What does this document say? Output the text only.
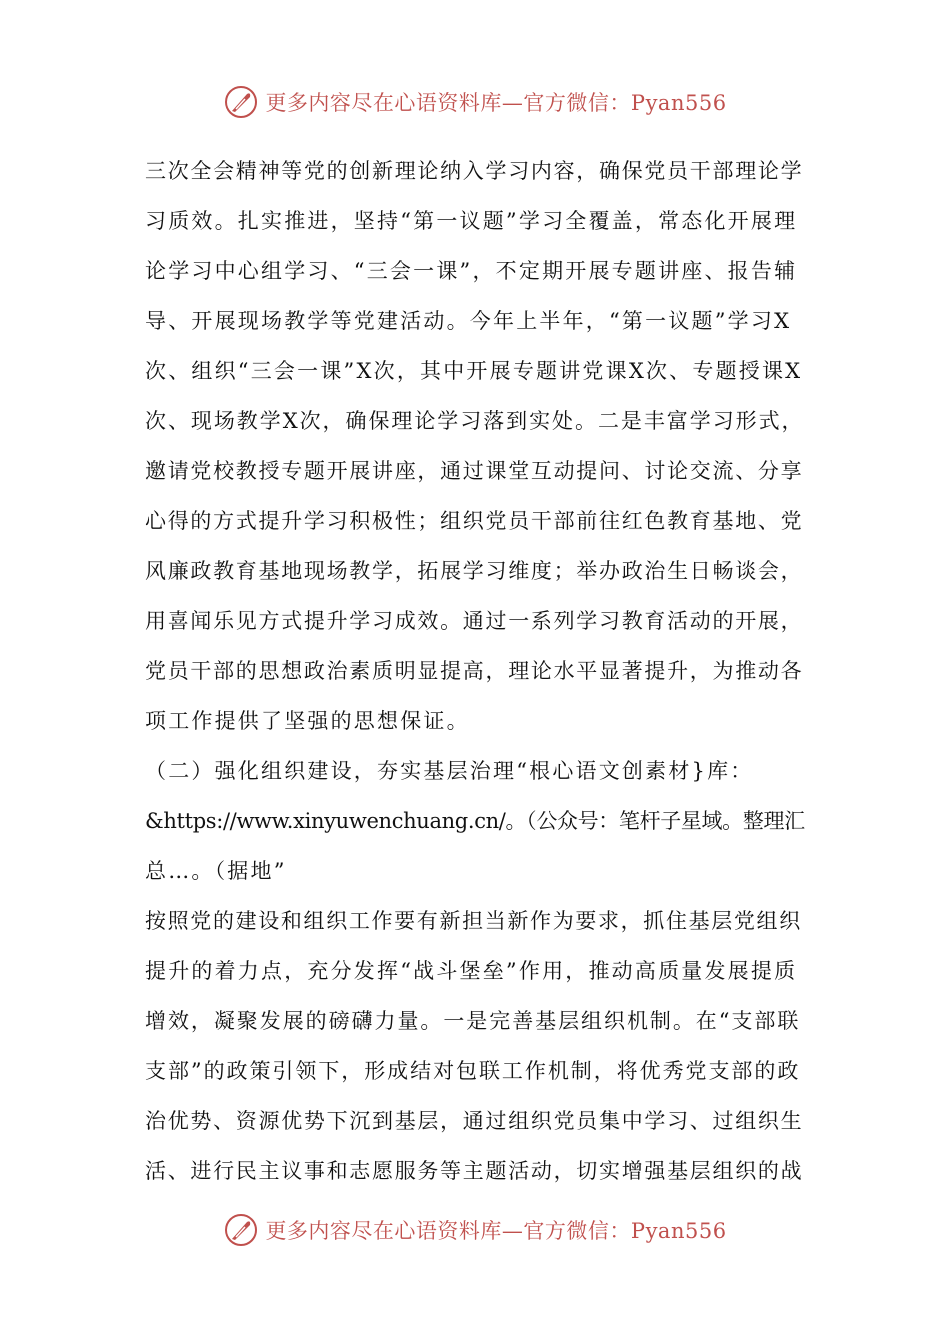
更多内容尽在心语资料库—官方微信：Pyan556
三次全会精神等党的创新理论纳入学习内容，确保党员干部理论学
习质效。扎实推进，坚持“第一议题”学习全覆盖，常态化开展理
论学习中心组学习、“三会一课”，不定期开展专题讲座、报告辅
导、开展现场教学等党建活动。今年上半年，“第一议题”学习X
次、组织“三会一课”X次，其中开展专题讲党课X次、专题授课X
次、现场教学X次，确保理论学习落到实处。二是丰富学习形式，
邀请党校教授专题开展讲座，通过课堂互动提问、讨论交流、分享
心得的方式提升学习积极性；组织党员干部前往红色教育基地、党
风廉政教育基地现场教学，拓展学习维度；举办政治生日畅谈会，
用喜闻乐见方式提升学习成效。通过一系列学习教育活动的开展，
党员干部的思想政治素质明显提高，理论水平显著提升，为推动各
项工作提供了坚强的思想保证。
（二）强化组织建设，夯实基层治理“根心语文创素材}库：
&https://www.xinyuwenchuang.cn/。（公众号：笔杆子星域。整理汇
总…。（据地”
按照党的建设和组织工作要有新担当新作为要求，抓住基层党组织
提升的着力点，充分发挥“战斗堡垒”作用，推动高质量发展提质
增效，凝聚发展的磅礴力量。一是完善基层组织机制。在“支部联
支部”的政策引领下，形成结对包联工作机制，将优秀党支部的政
治优势、资源优势下沉到基层，通过组织党员集中学习、过组织生
活、进行民主议事和志愿服务等主题活动，切实增强基层组织的战
更多内容尽在心语资料库—官方微信：Pyan556
